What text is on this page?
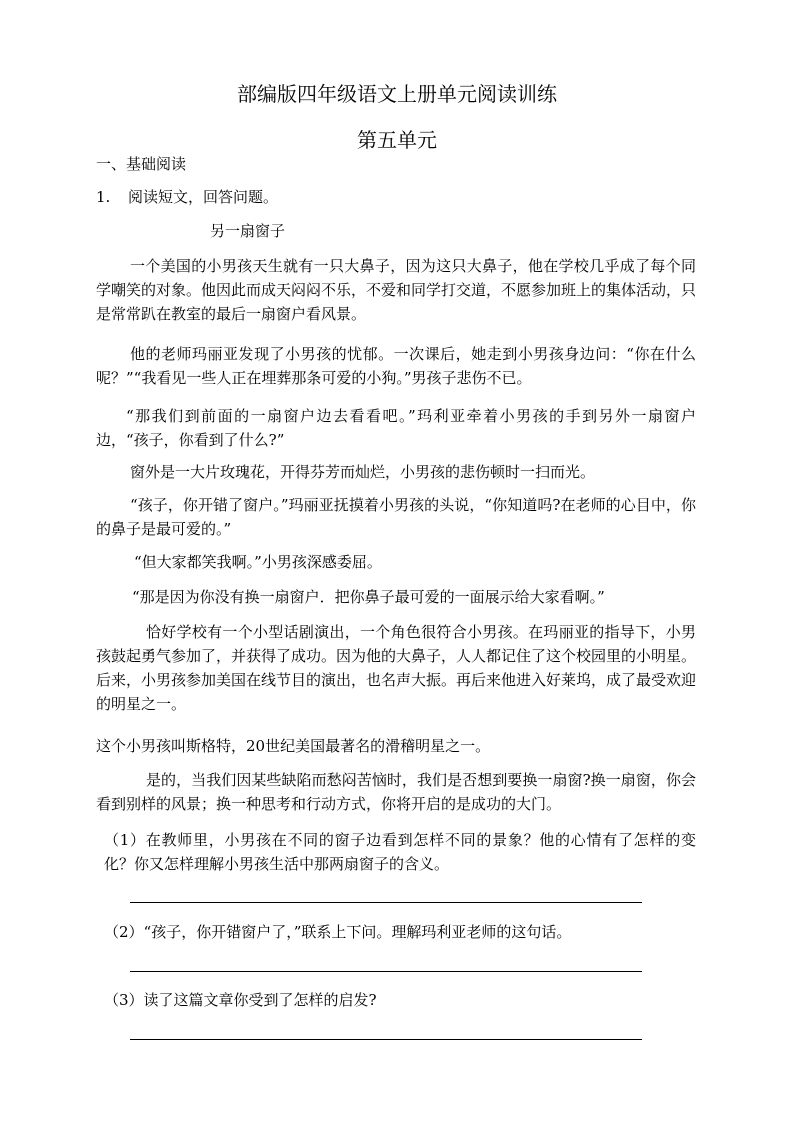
部编版四年级语文上册单元阅读训练
第五单元
一、基础阅读
1. 阅读短文，回答问题。
另一扇窗子
一个美国的小男孩天生就有一只大鼻子，因为这只大鼻子，他在学校几乎成了每个同学嘲笑的对象。他因此而成天闷闷不乐，不爱和同学打交道，不愿参加班上的集体活动，只是常常趴在教室的最后一扇窗户看风景。
他的老师玛丽亚发现了小男孩的忧郁。一次课后，她走到小男孩身边问：“你在什么呢？”“我看见一些人正在埋葬那条可爱的小狗。”男孩子悲伤不已。
“那我们到前面的一扇窗户边去看看吧。”玛利亚牵着小男孩的手到另外一扇窗户边，“孩子，你看到了什么?”
窗外是一大片玫瑰花，开得芬芳而灿烂，小男孩的悲伤顿时一扫而光。
“孩子，你开错了窗户。”玛丽亚抚摸着小男孩的头说，“你知道吗?在老师的心目中，你的鼻子是最可爱的。”
“但大家都笑我啊。”小男孩深感委屈。
“那是因为你没有换一扇窗户．把你鼻子最可爱的一面展示给大家看啊。”
恰好学校有一个小型话剧演出，一个角色很符合小男孩。在玛丽亚的指导下，小男孩鼓起勇气参加了，并获得了成功。因为他的大鼻子，人人都记住了这个校园里的小明星。后来，小男孩参加美国在线节目的演出，也名声大振。再后来他进入好莱坞，成了最受欢迎的明星之一。
这个小男孩叫斯格特，20世纪美国最著名的滑稽明星之一。
是的，当我们因某些缺陷而愁闷苦恼时，我们是否想到要换一扇窗?换一扇窗，你会看到别样的风景；换一种思考和行动方式，你将开启的是成功的大门。
（1）在教师里，小男孩在不同的窗子边看到怎样不同的景象？他的心情有了怎样的变化？你又怎样理解小男孩生活中那两扇窗子的含义。
（2）“孩子，你开错窗户了，”联系上下问。理解玛利亚老师的这句话。
（3）读了这篇文章你受到了怎样的启发?
